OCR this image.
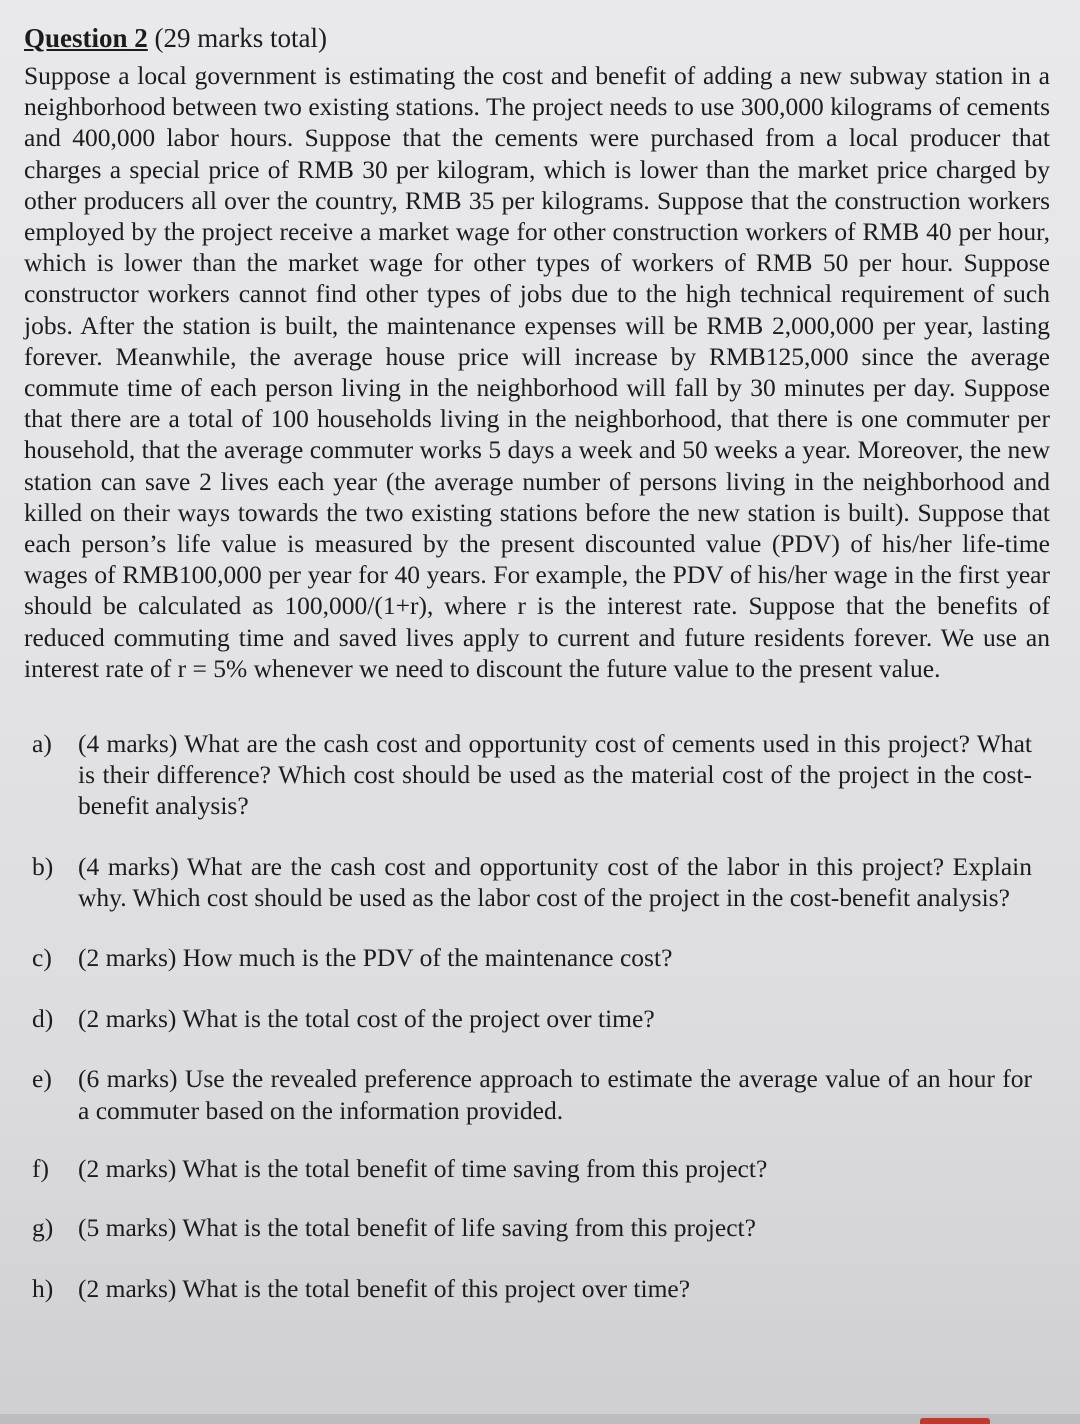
Question 2 (29 marks total)

Suppose a local government is estimating the cost and benefit of adding a new subway station in a neighborhood between two existing stations. The project needs to use 300,000 kilograms of cements and 400,000 labor hours. Suppose that the cements were purchased from a local producer that charges a special price of RMB 30 per kilogram, which is lower than the market price charged by other producers all over the country, RMB 35 per kilograms. Suppose that the construction workers employed by the project receive a market wage for other construction workers of RMB 40 per hour, which is lower than the market wage for other types of workers of RMB 50 per hour. Suppose constructor workers cannot find other types of jobs due to the high technical requirement of such jobs. After the station is built, the maintenance expenses will be RMB 2,000,000 per year, lasting forever. Meanwhile, the average house price will increase by RMB125,000 since the average commute time of each person living in the neighborhood will fall by 30 minutes per day. Suppose that there are a total of 100 households living in the neighborhood, that there is one commuter per household, that the average commuter works 5 days a week and 50 weeks a year. Moreover, the new station can save 2 lives each year (the average number of persons living in the neighborhood and killed on their ways towards the two existing stations before the new station is built). Suppose that each person’s life value is measured by the present discounted value (PDV) of his/her life-time wages of RMB100,000 per year for 40 years. For example, the PDV of his/her wage in the first year should be calculated as 100,000/(1+r), where r is the interest rate. Suppose that the benefits of reduced commuting time and saved lives apply to current and future residents forever. We use an interest rate of r = 5% whenever we need to discount the future value to the present value.

a)	(4 marks) What are the cash cost and opportunity cost of cements used in this project? What is their difference? Which cost should be used as the material cost of the project in the cost-benefit analysis?
b) (4 marks) What are the cash cost and opportunity cost of the labor in this project? Explain why. Which cost should be used as the labor cost of the project in the cost-benefit analysis?
c)	(2 marks) How much is the PDV of the maintenance cost?
d) (2 marks) What is the total cost of the project over time?
e)	(6 marks) Use the revealed preference approach to estimate the average value of an hour for a commuter based on the information provided.
f)	(2 marks) What is the total benefit of time saving from this project?
g) (5 marks) What is the total benefit of life saving from this project?
h) (2 marks) What is the total benefit of this project over time?
